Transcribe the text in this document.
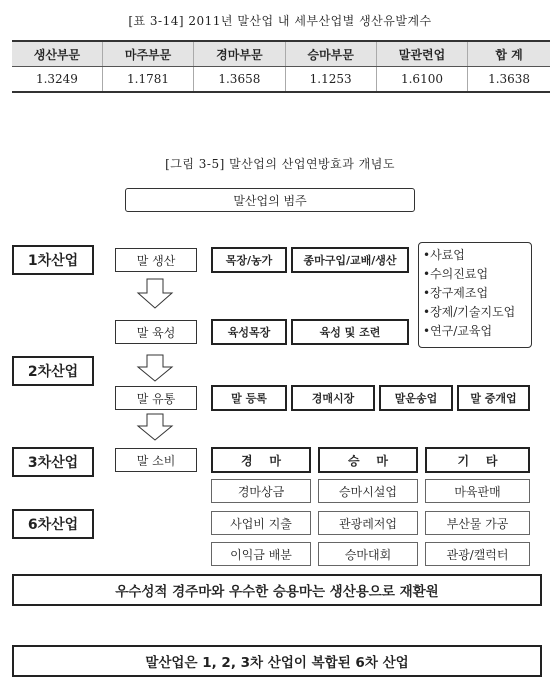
[표 3-14] 2011년 말산업 내 세부산업별 생산유발계수
생산부문	마주부문	경마부문	승마부문	말관련업	합 계
1.3249	1.1781	1.3658	1.1253	1.6100	1.3638
[그림 3-5] 말산업의 산업연방효과 개념도
말산업의 범주
1차산업
2차산업
3차산업
6차산업
말 생산
말 육성
말 유통
말 소비
목장/농가	종마구입/교배/생산	•사료업
•수의진료업
•장구제조업
•장제/기술지도업
•연구/교육업
육성목장	육성 및 조련
말 등록	경매시장	말운송업	말 중개업
경    마	승    마	기    타
경마상금	승마시설업	마육판매
사업비 지출	관광레저업	부산물 가공
이익금 배분	승마대회	관광/캘럭터
우수성적 경주마와 우수한 승용마는 생산용으로 재환원
말산업은 1, 2, 3차 산업이 복합된 6차 산업
